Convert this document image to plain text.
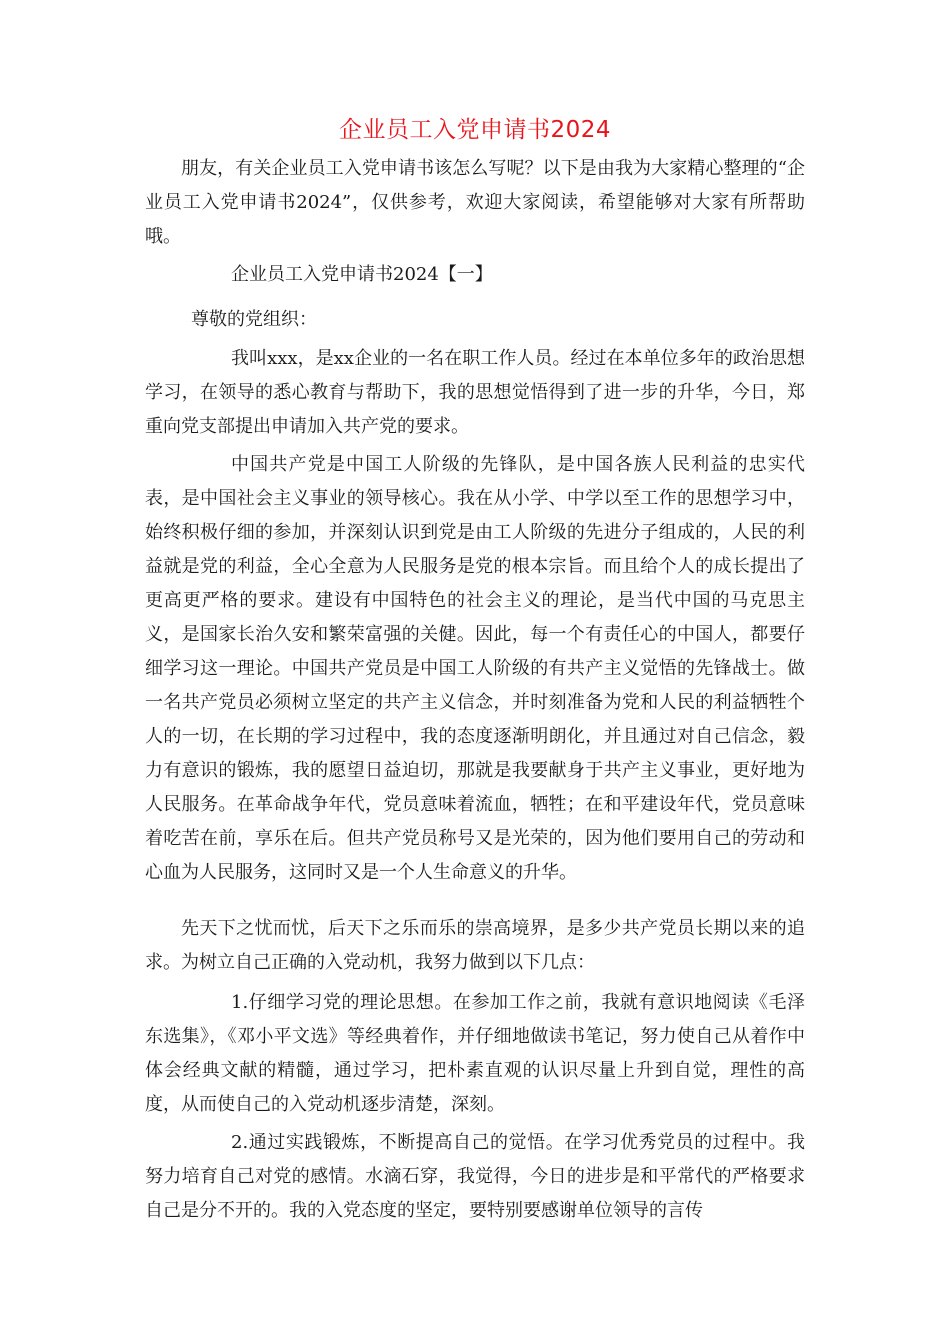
企业员工入党申请书2024

朋友，有关企业员工入党申请书该怎么写呢？以下是由我为大家精心整理的“企业员工入党申请书2024”，仅供参考，欢迎大家阅读，希望能够对大家有所帮助哦。

企业员工入党申请书2024【一】
尊敬的党组织：

我叫xxx，是xx企业的一名在职工作人员。经过在本单位多年的政治思想学习，在领导的悉心教育与帮助下，我的思想觉悟得到了进一步的升华，今日，郑重向党支部提出申请加入共产党的要求。

中国共产党是中国工人阶级的先锋队，是中国各族人民利益的忠实代表，是中国社会主义事业的领导核心。我在从小学、中学以至工作的思想学习中，始终积极仔细的参加，并深刻认识到党是由工人阶级的先进分子组成的，人民的利益就是党的利益，全心全意为人民服务是党的根本宗旨。而且给个人的成长提出了更高更严格的要求。建设有中国特色的社会主义的理论，是当代中国的马克思主义，是国家长治久安和繁荣富强的关健。因此，每一个有责任心的中国人，都要仔细学习这一理论。中国共产党员是中国工人阶级的有共产主义觉悟的先锋战士。做一名共产党员必须树立坚定的共产主义信念，并时刻准备为党和人民的利益牺牲个人的一切，在长期的学习过程中，我的态度逐渐明朗化，并且通过对自己信念，毅力有意识的锻炼，我的愿望日益迫切，那就是我要献身于共产主义事业，更好地为人民服务。在革命战争年代，党员意味着流血，牺牲；在和平建设年代，党员意味着吃苦在前，享乐在后。但共产党员称号又是光荣的，因为他们要用自己的劳动和心血为人民服务，这同时又是一个人生命意义的升华。

先天下之忧而忧，后天下之乐而乐的崇高境界，是多少共产党员长期以来的追求。为树立自己正确的入党动机，我努力做到以下几点：

1.仔细学习党的理论思想。在参加工作之前，我就有意识地阅读《毛泽东选集》，《邓小平文选》等经典着作，并仔细地做读书笔记，努力使自己从着作中体会经典文献的精髓，通过学习，把朴素直观的认识尽量上升到自觉，理性的高度，从而使自己的入党动机逐步清楚，深刻。

2.通过实践锻炼，不断提高自己的觉悟。在学习优秀党员的过程中。我努力培育自己对党的感情。水滴石穿，我觉得，今日的进步是和平常代的严格要求自己是分不开的。我的入党态度的坚定，要特别要感谢单位领导的言传
